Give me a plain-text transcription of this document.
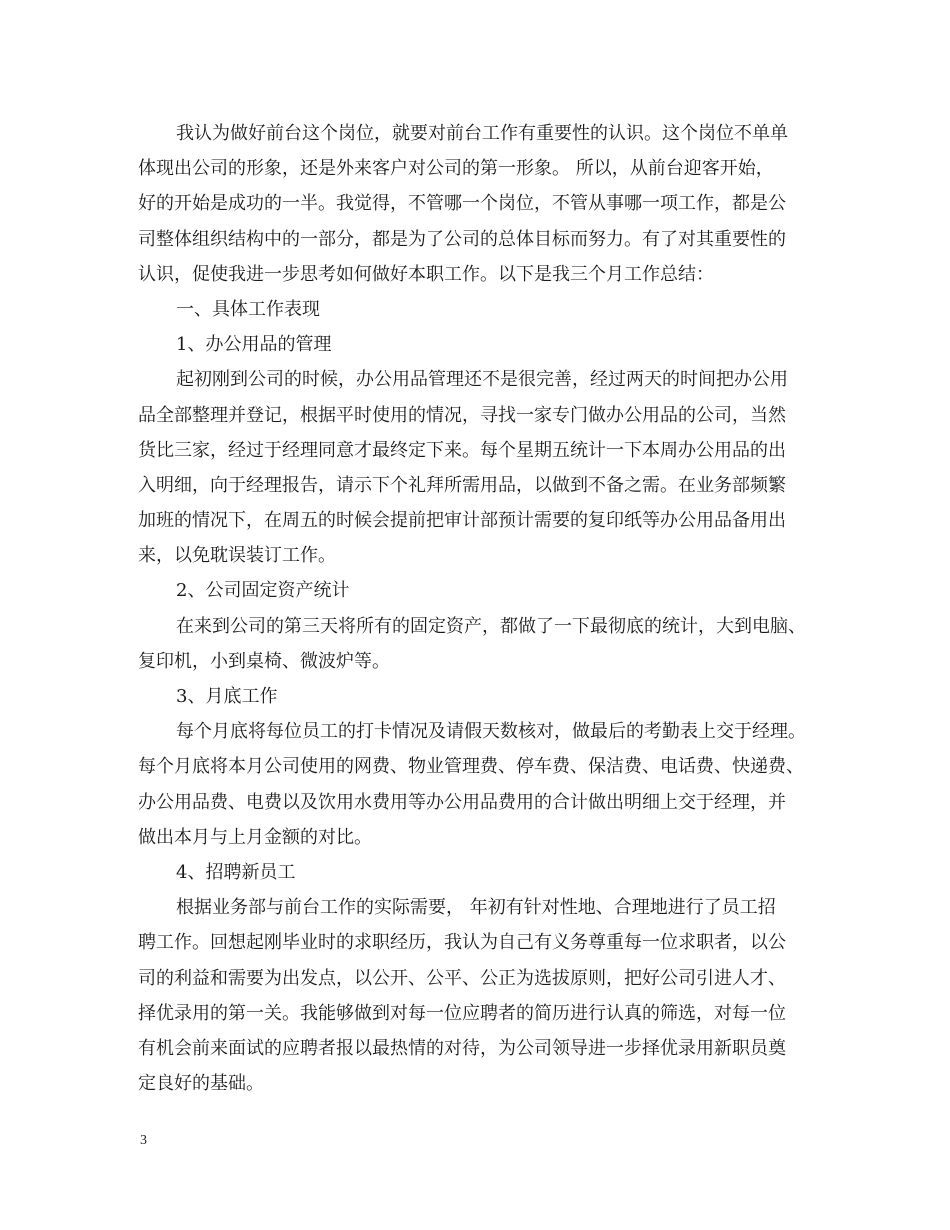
我认为做好前台这个岗位，就要对前台工作有重要性的认识。这个岗位不单单
体现出公司的形象，还是外来客户对公司的第一形象。 所以，从前台迎客开始，
好的开始是成功的一半。我觉得，不管哪一个岗位，不管从事哪一项工作，都是公
司整体组织结构中的一部分，都是为了公司的总体目标而努力。有了对其重要性的
认识，促使我进一步思考如何做好本职工作。以下是我三个月工作总结：
一、具体工作表现
1、办公用品的管理
起初刚到公司的时候，办公用品管理还不是很完善，经过两天的时间把办公用
品全部整理并登记，根据平时使用的情况，寻找一家专门做办公用品的公司，当然
货比三家，经过于经理同意才最终定下来。每个星期五统计一下本周办公用品的出
入明细，向于经理报告，请示下个礼拜所需用品，以做到不备之需。在业务部频繁
加班的情况下，在周五的时候会提前把审计部预计需要的复印纸等办公用品备用出
来，以免耽误装订工作。
2、公司固定资产统计
在来到公司的第三天将所有的固定资产，都做了一下最彻底的统计，大到电脑、
复印机，小到桌椅、微波炉等。
3、月底工作
每个月底将每位员工的打卡情况及请假天数核对，做最后的考勤表上交于经理。
每个月底将本月公司使用的网费、物业管理费、停车费、保洁费、电话费、快递费、
办公用品费、电费以及饮用水费用等办公用品费用的合计做出明细上交于经理，并
做出本月与上月金额的对比。
4、招聘新员工
根据业务部与前台工作的实际需要， 年初有针对性地、合理地进行了员工招
聘工作。回想起刚毕业时的求职经历，我认为自己有义务尊重每一位求职者，以公
司的利益和需要为出发点，以公开、公平、公正为选拔原则，把好公司引进人才、
择优录用的第一关。我能够做到对每一位应聘者的简历进行认真的筛选，对每一位
有机会前来面试的应聘者报以最热情的对待，为公司领导进一步择优录用新职员奠
定良好的基础。
3
